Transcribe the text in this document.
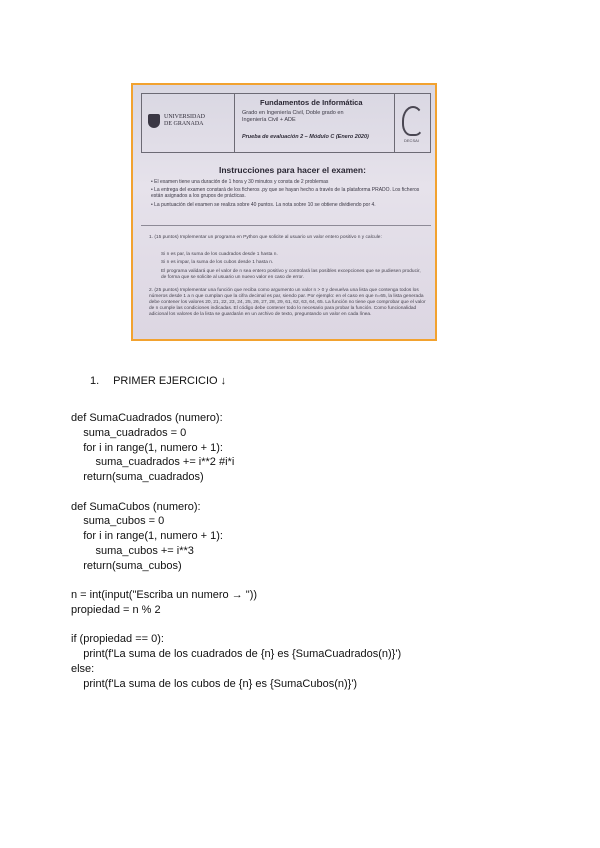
UNIVERSIDAD
DE GRANADA
Fundamentos de Informática
Grado en Ingeniería Civil, Doble grado en
Ingeniería Civil + ADE
Prueba de evaluación 2 – Módulo C (Enero 2020)
DECSAI
Instrucciones para hacer el examen:
• El examen tiene una duración de 1 hora y 30 minutos y consta de 2 problemas
• La entrega del examen constará de los ficheros .py que se hayan hecho a través de la plataforma PRADO. Los ficheros están asignados a los grupos de prácticas.
• La puntuación del examen se realiza sobre 40 puntos. La nota sobre 10 se obtiene dividiendo por 4.
1. (15 puntos) Implementar un programa en Python que solicite al usuario un valor entero positivo n y calcule:
Si n es par, la suma de los cuadrados desde 1 hasta n.
Si n es impar, la suma de los cubos desde 1 hasta n.
El programa validará que el valor de n sea entero positivo y controlará las posibles excepciones que se pudiesen producir, de forma que se solicite al usuario un nuevo valor en caso de error.
2. (25 puntos) Implementar una función que reciba como argumento un valor n > 0 y devuelva una lista que contenga todos los números desde 1 a n que cumplan que la cifra decimal es par, siendo par. Por ejemplo: en el caso en que n=65, la lista generada debe contener los valores 20, 21, 22, 23, 24, 25, 26, 27, 28, 29, 61, 62, 63, 64, 65. La función no tiene que comprobar que el valor de n cumple las condiciones indicadas. El código debe contener todo lo necesario para probar la función. Como funcionalidad adicional los valores de la lista se guardarán en un archivo de texto, preguntando un valor en cada línea.
1. PRIMER EJERCICIO ↓
def SumaCuadrados (numero):
suma_cuadrados = 0
for i in range(1, numero + 1):
suma_cuadrados += i**2 #i*i
return(suma_cuadrados)
def SumaCubos (numero):
suma_cubos = 0
for i in range(1, numero + 1):
suma_cubos += i**3
return(suma_cubos)
n = int(input("Escriba un numero → "))
propiedad = n % 2
if (propiedad == 0):
print(f'La suma de los cuadrados de {n} es {SumaCuadrados(n)}')
else:
print(f'La suma de los cubos de {n} es {SumaCubos(n)}')
